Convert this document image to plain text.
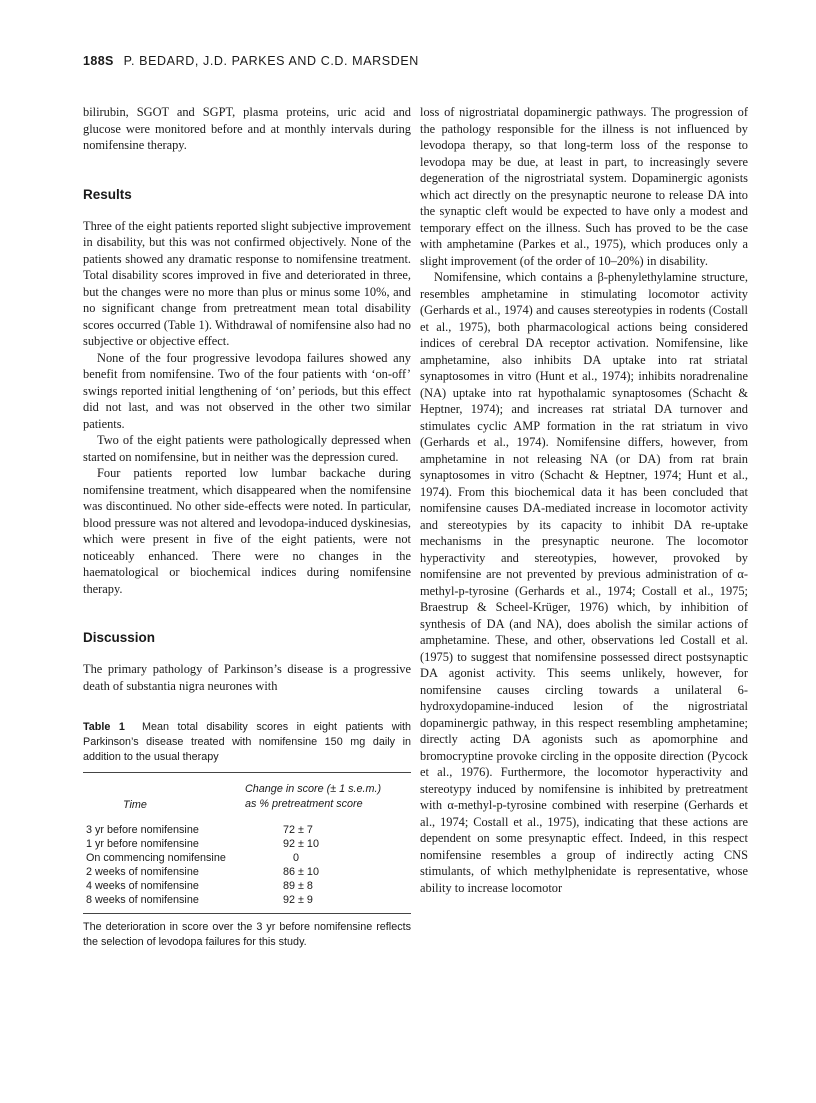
188S P. BEDARD, J.D. PARKES AND C.D. MARSDEN

bilirubin, SGOT and SGPT, plasma proteins, uric acid and glucose were monitored before and at monthly intervals during nomifensine therapy.

Results

Three of the eight patients reported slight subjective improvement in disability, but this was not confirmed objectively. None of the patients showed any dramatic response to nomifensine treatment. Total disability scores improved in five and deteriorated in three, but the changes were no more than plus or minus some 10%, and no significant change from pretreatment mean total disability scores occurred (Table 1). Withdrawal of nomifensine also had no subjective or objective effect.

None of the four progressive levodopa failures showed any benefit from nomifensine. Two of the four patients with ‘on-off’ swings reported initial lengthening of ‘on’ periods, but this effect did not last, and was not observed in the other two similar patients.

Two of the eight patients were pathologically depressed when started on nomifensine, but in neither was the depression cured.

Four patients reported low lumbar backache during nomifensine treatment, which disappeared when the nomifensine was discontinued. No other side-effects were noted. In particular, blood pressure was not altered and levodopa-induced dyskinesias, which were present in five of the eight patients, were not noticeably enhanced. There were no changes in the haematological or biochemical indices during nomifensine therapy.

Discussion

The primary pathology of Parkinson’s disease is a progressive death of substantia nigra neurones with

Table 1 Mean total disability scores in eight patients with Parkinson’s disease treated with nomifensine 150 mg daily in addition to the usual therapy
Time
Change in score (± 1 s.e.m.)
as % pretreatment score
3 yr before nomifensine	72 ± 7
1 yr before nomifensine	92 ± 10
On commencing nomifensine	0
2 weeks of nomifensine	86 ± 10
4 weeks of nomifensine	89 ± 8
8 weeks of nomifensine	92 ± 9
The deterioration in score over the 3 yr before nomifensine reflects the selection of levodopa failures for this study.

loss of nigrostriatal dopaminergic pathways. The progression of the pathology responsible for the illness is not influenced by levodopa therapy, so that long-term loss of the response to levodopa may be due, at least in part, to increasingly severe degeneration of the nigrostriatal system. Dopaminergic agonists which act directly on the presynaptic neurone to release DA into the synaptic cleft would be expected to have only a modest and temporary effect on the illness. Such has proved to be the case with amphetamine (Parkes et al., 1975), which produces only a slight improvement (of the order of 10–20%) in disability.

Nomifensine, which contains a β-phenylethylamine structure, resembles amphetamine in stimulating locomotor activity (Gerhards et al., 1974) and causes stereotypies in rodents (Costall et al., 1975), both pharmacological actions being considered indices of cerebral DA receptor activation. Nomifensine, like amphetamine, also inhibits DA uptake into rat striatal synaptosomes in vitro (Hunt et al., 1974); inhibits noradrenaline (NA) uptake into rat hypothalamic synaptosomes (Schacht & Heptner, 1974); and increases rat striatal DA turnover and stimulates cyclic AMP formation in the rat striatum in vivo (Gerhards et al., 1974). Nomifensine differs, however, from amphetamine in not releasing NA (or DA) from rat brain synaptosomes in vitro (Schacht & Heptner, 1974; Hunt et al., 1974). From this biochemical data it has been concluded that nomifensine causes DA-mediated increase in locomotor activity and stereotypies by its capacity to inhibit DA re-uptake mechanisms in the presynaptic neurone. The locomotor hyperactivity and stereotypies, however, provoked by nomifensine are not prevented by previous administration of α-methyl-p-tyrosine (Gerhards et al., 1974; Costall et al., 1975; Braestrup & Scheel-Krüger, 1976) which, by inhibition of synthesis of DA (and NA), does abolish the similar actions of amphetamine. These, and other, observations led Costall et al. (1975) to suggest that nomifensine possessed direct postsynaptic DA agonist activity. This seems unlikely, however, for nomifensine causes circling towards a unilateral 6-hydroxydopamine-induced lesion of the nigrostriatal dopaminergic pathway, in this respect resembling amphetamine; directly acting DA agonists such as apomorphine and bromocryptine provoke circling in the opposite direction (Pycock et al., 1976). Furthermore, the locomotor hyperactivity and stereotypy induced by nomifensine is inhibited by pretreatment with α-methyl-p-tyrosine combined with reserpine (Gerhards et al., 1974; Costall et al., 1975), indicating that these actions are dependent on some presynaptic effect. Indeed, in this respect nomifensine resembles a group of indirectly acting CNS stimulants, of which methylphenidate is representative, whose ability to increase locomotor
